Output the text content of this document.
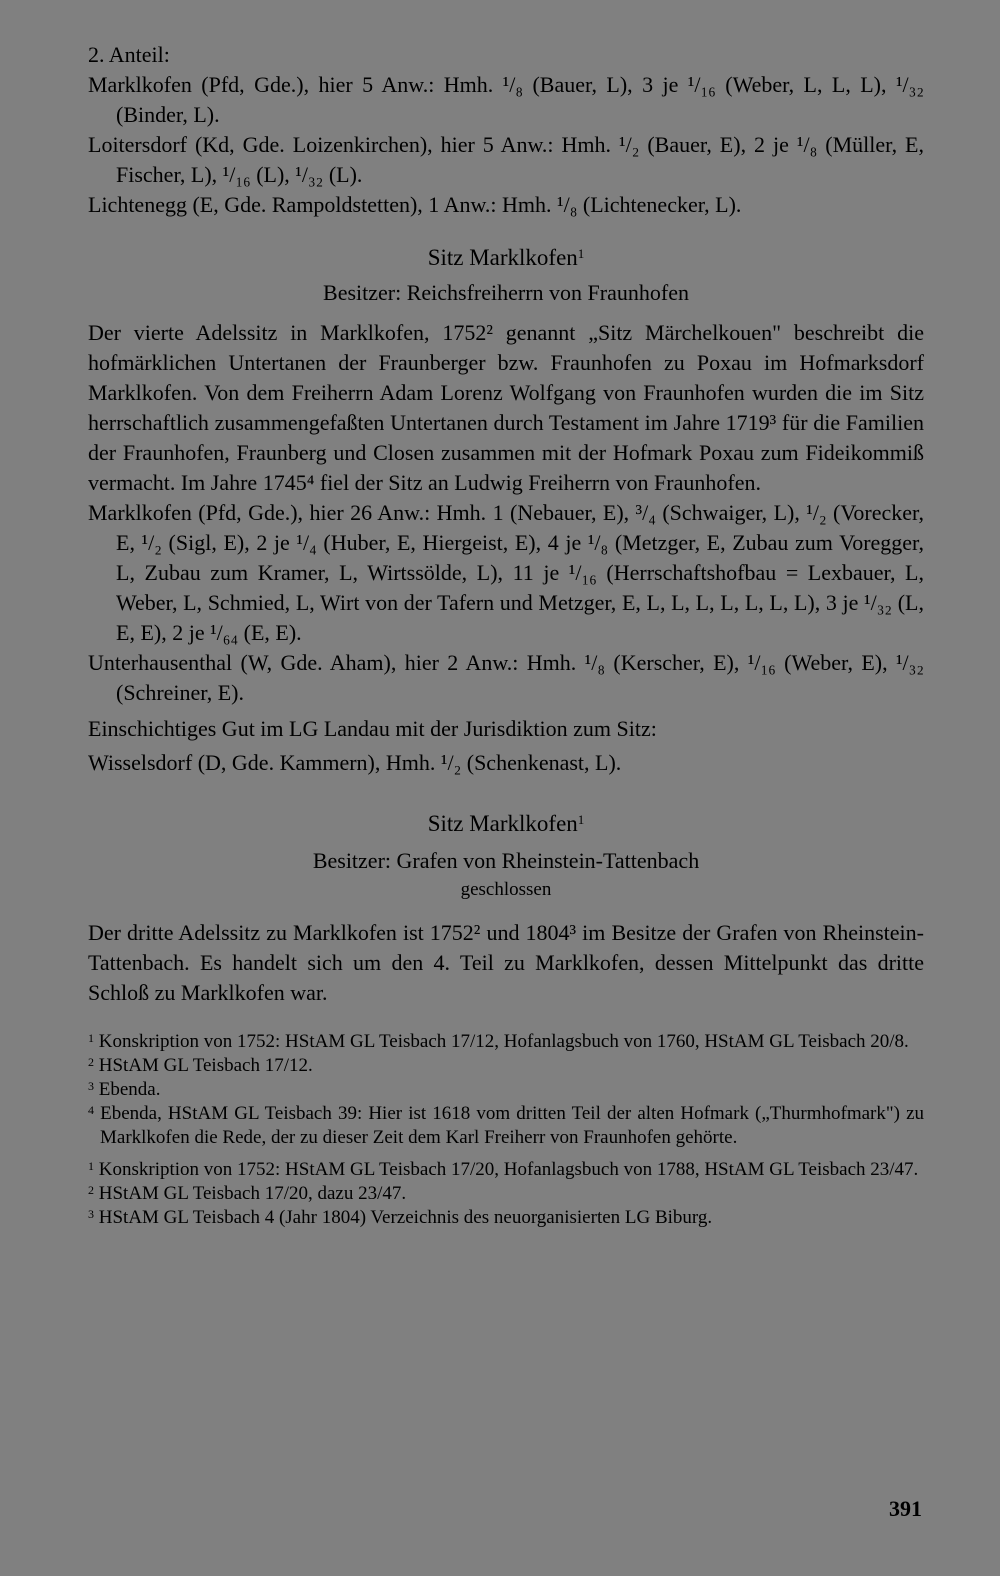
2. Anteil:

Marklkofen (Pfd, Gde.), hier 5 Anw.: Hmh. ¹/₈ (Bauer, L), 3 je ¹/₁₆ (Weber, L, L, L), ¹/₃₂ (Binder, L).

Loitersdorf (Kd, Gde. Loizenkirchen), hier 5 Anw.: Hmh. ¹/₂ (Bauer, E), 2 je ¹/₈ (Müller, E, Fischer, L), ¹/₁₆ (L), ¹/₃₂ (L).

Lichtenegg (E, Gde. Rampoldstetten), 1 Anw.: Hmh. ¹/₈ (Lichtenecker, L).

Sitz Marklkofen$^1$

Besitzer: Reichsfreiherrn von Fraunhofen

Der vierte Adelssitz in Marklkofen, 1752² genannt „Sitz Märchelkouen" beschreibt die hofmärklichen Untertanen der Fraunberger bzw. Fraunhofen zu Poxau im Hofmarksdorf Marklkofen. Von dem Freiherrn Adam Lorenz Wolfgang von Fraunhofen wurden die im Sitz herrschaftlich zusammengefaßten Untertanen durch Testament im Jahre 1719³ für die Familien der Fraunhofen, Fraunberg und Closen zusammen mit der Hofmark Poxau zum Fideikommiß vermacht. Im Jahre 1745⁴ fiel der Sitz an Ludwig Freiherrn von Fraunhofen.

Marklkofen (Pfd, Gde.), hier 26 Anw.: Hmh. 1 (Nebauer, E), ³/₄ (Schwaiger, L), ¹/₂ (Vorecker, E, ¹/₂ (Sigl, E), 2 je ¹/₄ (Huber, E, Hiergeist, E), 4 je ¹/₈ (Metzger, E, Zubau zum Voregger, L, Zubau zum Kramer, L, Wirtssölde, L), 11 je ¹/₁₆ (Herrschaftshofbau = Lexbauer, L, Weber, L, Schmied, L, Wirt von der Tafern und Metzger, E, L, L, L, L, L, L, L), 3 je ¹/₃₂ (L, E, E), 2 je ¹/₆₄ (E, E).

Unterhausenthal (W, Gde. Aham), hier 2 Anw.: Hmh. ¹/₈ (Kerscher, E), ¹/₁₆ (Weber, E), ¹/₃₂ (Schreiner, E).

Einschichtiges Gut im LG Landau mit der Jurisdiktion zum Sitz:

Wisselsdorf (D, Gde. Kammern), Hmh. ¹/₂ (Schenkenast, L).

Sitz Marklkofen$^1$

Besitzer: Grafen von Rheinstein-Tattenbach

geschlossen

Der dritte Adelssitz zu Marklkofen ist 1752² und 1804³ im Besitze der Grafen von Rheinstein-Tattenbach. Es handelt sich um den 4. Teil zu Marklkofen, dessen Mittelpunkt das dritte Schloß zu Marklkofen war.

$^1$ Konskription von 1752: HStAM GL Teisbach 17/12, Hofanlagsbuch von 1760, HStAM GL Teisbach 20/8.

$^2$ HStAM GL Teisbach 17/12.

$^3$ Ebenda.

$^4$ Ebenda, HStAM GL Teisbach 39: Hier ist 1618 vom dritten Teil der alten Hofmark („Thurmhofmark") zu Marklkofen die Rede, der zu dieser Zeit dem Karl Freiherr von Fraunhofen gehörte.

$^1$ Konskription von 1752: HStAM GL Teisbach 17/20, Hofanlagsbuch von 1788, HStAM GL Teisbach 23/47.

$^2$ HStAM GL Teisbach 17/20, dazu 23/47.

$^3$ HStAM GL Teisbach 4 (Jahr 1804) Verzeichnis des neuorganisierten LG Biburg.

391
